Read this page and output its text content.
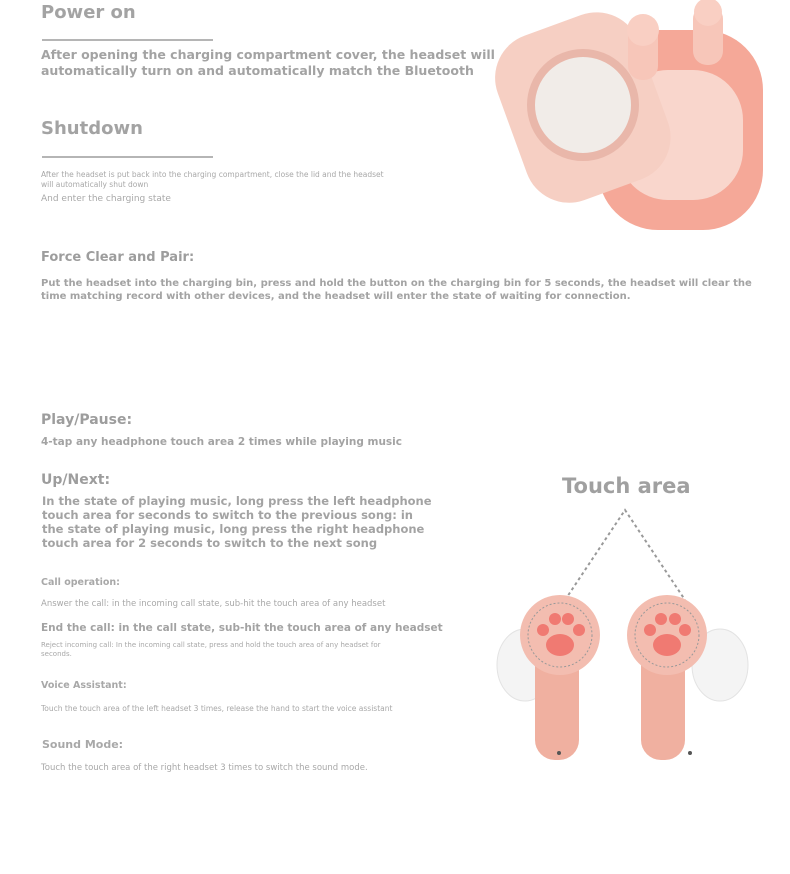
Power on
After opening the charging compartment cover, the headset will
automatically turn on and automatically match the Bluetooth
Shutdown
After the headset is put back into the charging compartment, close the lid and the headset
will automatically shut down
And enter the charging state
Force Clear and Pair:
Put the headset into the charging bin, press and hold the button on the charging bin for 5 seconds, the headset will clear the
time matching record with other devices, and the headset will enter the state of waiting for connection.
Play/Pause:
4-tap any headphone touch area 2 times while playing music
Up/Next:
In the state of playing music, long press the left headphone
touch area for seconds to switch to the previous song: in
the state of playing music, long press the right headphone
touch area for 2 seconds to switch to the next song
Call operation:
Answer the call: in the incoming call state, sub-hit the touch area of any headset
End the call: in the call state, sub-hit the touch area of any headset
Reject incoming call: In the incoming call state, press and hold the touch area of any headset for
seconds.
Voice Assistant:
Touch the touch area of the left headset 3 times, release the hand to start the voice assistant
Sound Mode:
Touch the touch area of the right headset 3 times to switch the sound mode.
Touch area
